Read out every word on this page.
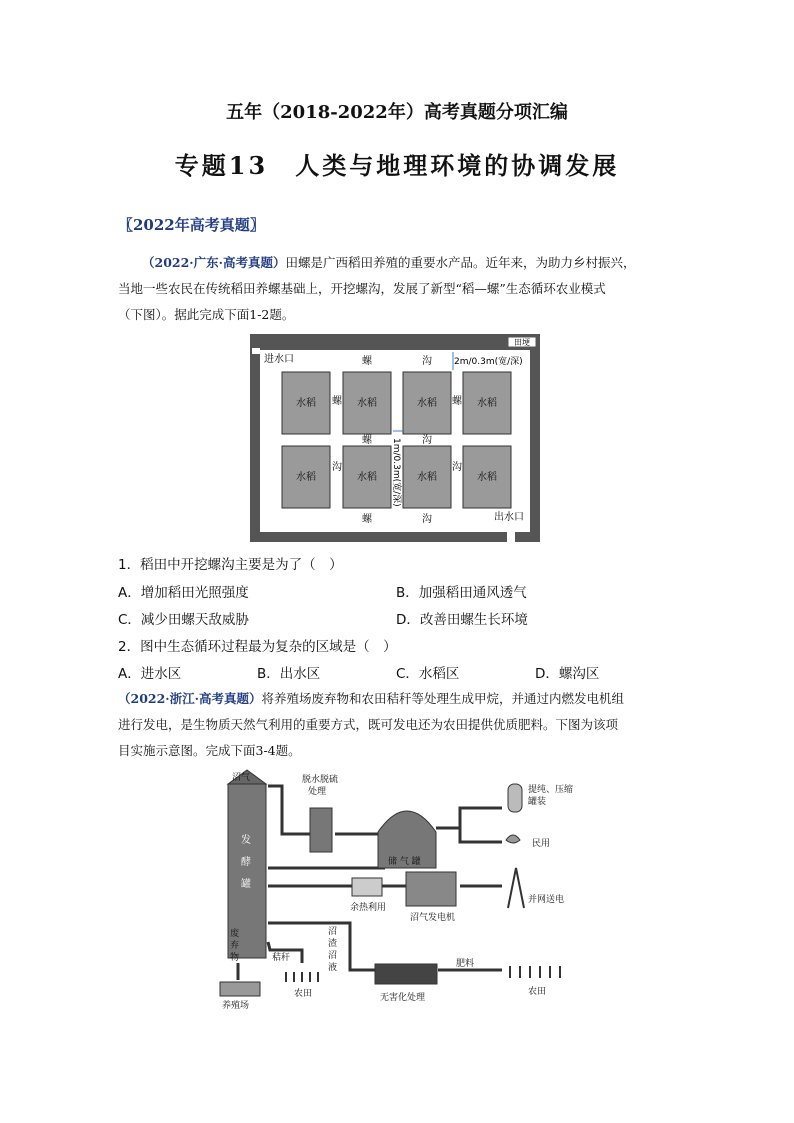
五年（2018-2022年）高考真题分项汇编
专题13　人类与地理环境的协调发展
〖2022年高考真题〗
（2022·广东·高考真题）田螺是广西稻田养殖的重要水产品。近年来，为助力乡村振兴，
当地一些农民在传统稻田养螺基础上，开挖螺沟，发展了新型“稻—螺”生态循环农业模式
（下图）。据此完成下面1-2题。
田埂
进水口
出水口
水稻	水稻	水稻	水稻
水稻	水稻	水稻	水稻
螺	沟
螺	螺
螺	沟
沟	沟
螺	沟
2m/0.3m(宽/深)
1m/0.3m(宽/深)
1．稻田中开挖螺沟主要是为了（　）
A．增加稻田光照强度	B．加强稻田通风透气
C．减少田螺天敌威胁	D．改善田螺生长环境
2．图中生态循环过程最为复杂的区域是（　）
A．进水区	B．出水区	C．水稻区	D．螺沟区
（2022·浙江·高考真题）将养殖场废弃物和农田秸秆等处理生成甲烷，并通过内燃发电机组
进行发电，是生物质天然气利用的重要方式，既可发电还为农田提供优质肥料。下图为该项
目实施示意图。完成下面3-4题。
沼气	脱水脱硫
处理
发
酵
罐
储 气 罐
提纯、压缩
罐装
民用
余热利用
沼气发电机
并网送电
废
弃
物	秸秆
沼
渣
沼
液
养殖场
农田	无害化处理
肥料
农田
